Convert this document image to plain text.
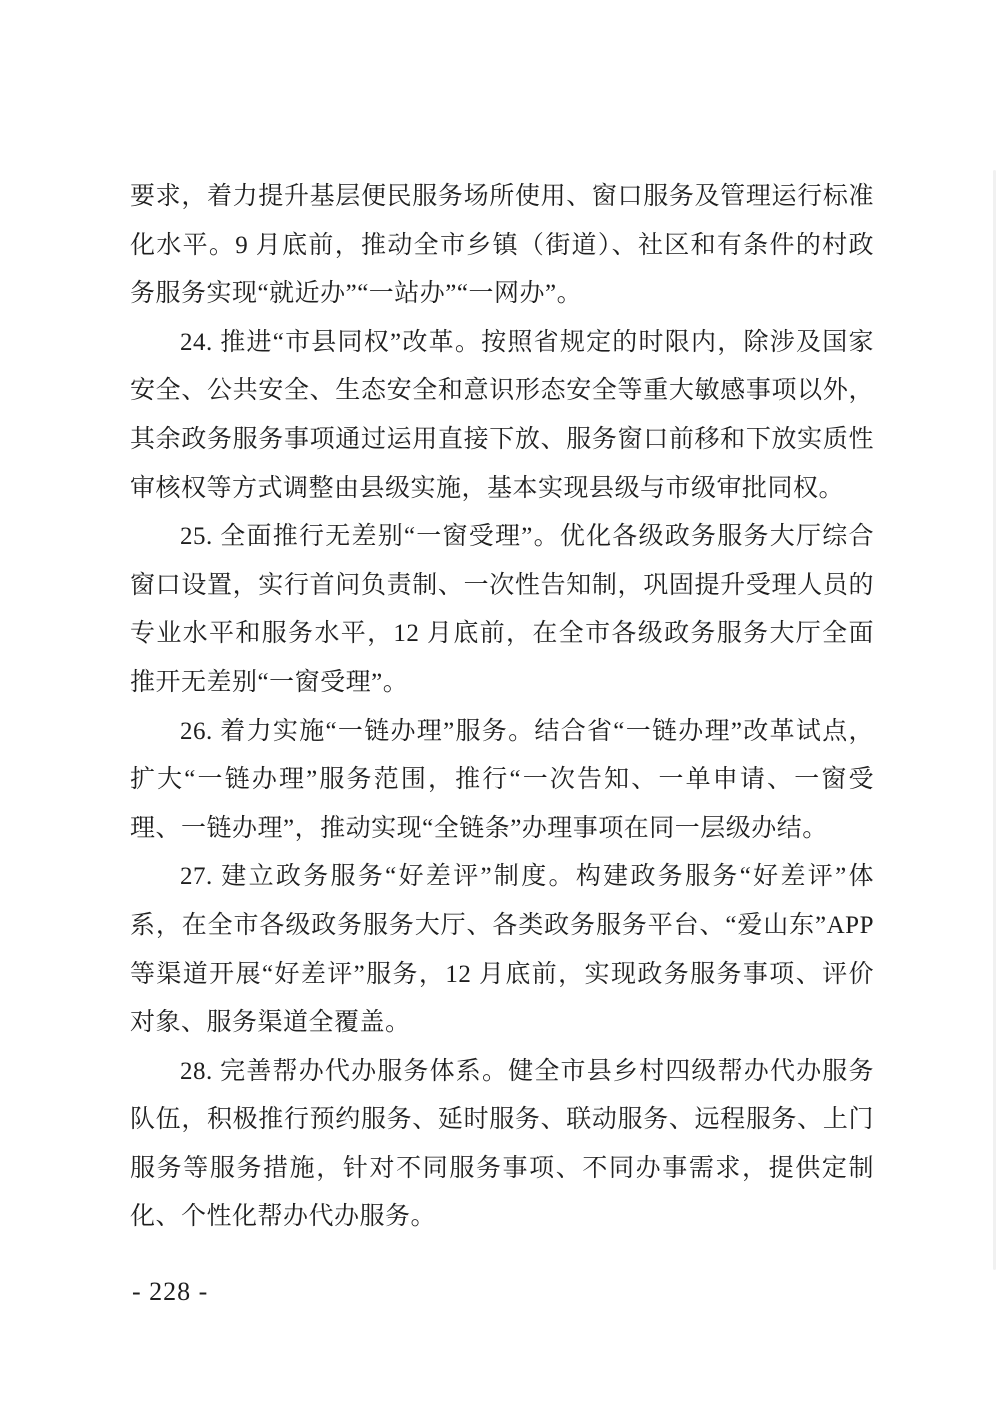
要求，着力提升基层便民服务场所使用、窗口服务及管理运行标准化水平。9 月底前，推动全市乡镇（街道）、社区和有条件的村政务服务实现“就近办”“一站办”“一网办”。

24. 推进“市县同权”改革。按照省规定的时限内，除涉及国家安全、公共安全、生态安全和意识形态安全等重大敏感事项以外，其余政务服务事项通过运用直接下放、服务窗口前移和下放实质性审核权等方式调整由县级实施，基本实现县级与市级审批同权。

25. 全面推行无差别“一窗受理”。优化各级政务服务大厅综合窗口设置，实行首问负责制、一次性告知制，巩固提升受理人员的专业水平和服务水平，12 月底前，在全市各级政务服务大厅全面推开无差别“一窗受理”。

26. 着力实施“一链办理”服务。结合省“一链办理”改革试点，扩大“一链办理”服务范围，推行“一次告知、一单申请、一窗受理、一链办理”，推动实现“全链条”办理事项在同一层级办结。

27. 建立政务服务“好差评”制度。构建政务服务“好差评”体系，在全市各级政务服务大厅、各类政务服务平台、“爱山东”APP等渠道开展“好差评”服务，12 月底前，实现政务服务事项、评价对象、服务渠道全覆盖。

28. 完善帮办代办服务体系。健全市县乡村四级帮办代办服务队伍，积极推行预约服务、延时服务、联动服务、远程服务、上门服务等服务措施，针对不同服务事项、不同办事需求，提供定制化、个性化帮办代办服务。

- 228 -
